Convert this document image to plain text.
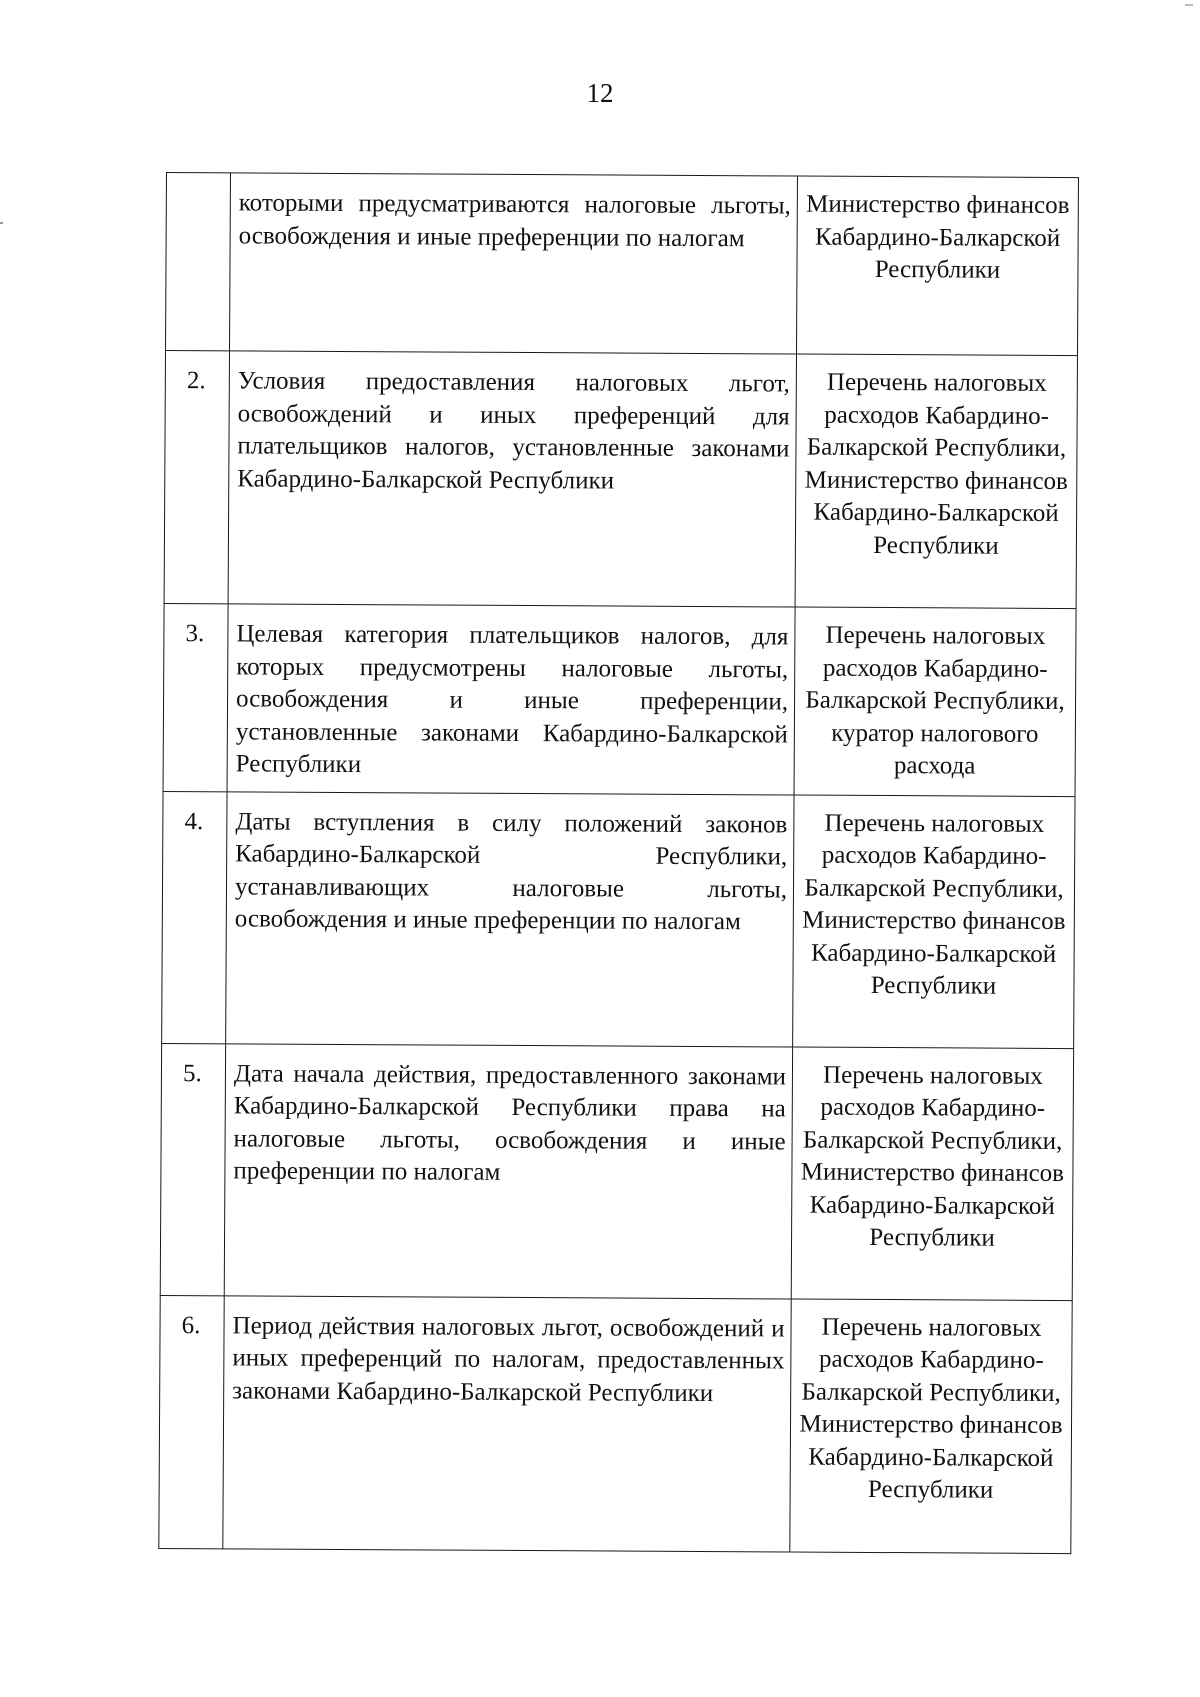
12
	которыми предусматриваются налоговые льготы, освобождения и иные преференции по налогам	Министерство финансов Кабардино-Балкарской Республики
2.	Условия предоставления налоговых льгот, освобождений и иных преференций для плательщиков налогов, установленные законами Кабардино-Балкарской Республики	Перечень налоговых расходов Кабардино-Балкарской Республики, Министерство финансов Кабардино-Балкарской Республики
3.	Целевая категория плательщиков налогов, для которых предусмотрены налоговые льготы, освобождения и иные преференции, установленные законами Кабардино-Балкарской Республики	Перечень налоговых расходов Кабардино-Балкарской Республики, куратор налогового расхода
4.	Даты вступления в силу положений законов Кабардино-Балкарской Республики, устанавливающих налоговые льготы, освобождения и иные преференции по налогам	Перечень налоговых расходов Кабардино-Балкарской Республики, Министерство финансов Кабардино-Балкарской Республики
5.	Дата начала действия, предоставленного законами Кабардино-Балкарской Республики права на налоговые льготы, освобождения и иные преференции по налогам	Перечень налоговых расходов Кабардино-Балкарской Республики, Министерство финансов Кабардино-Балкарской Республики
6.	Период действия налоговых льгот, освобождений и иных преференций по налогам, предоставленных законами Кабардино-Балкарской Республики	Перечень налоговых расходов Кабардино-Балкарской Республики, Министерство финансов Кабардино-Балкарской Республики
